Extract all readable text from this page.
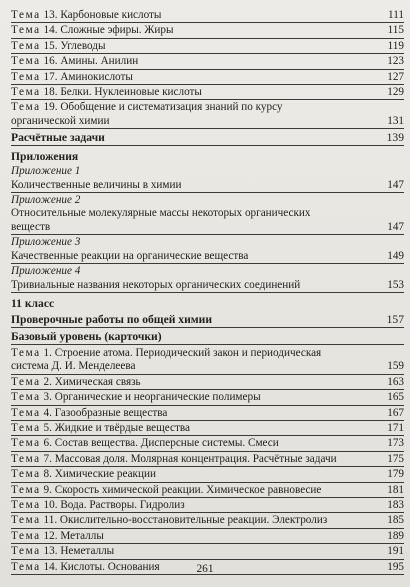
Тема 13. Карбоновые кислоты	111
Тема 14. Сложные эфиры. Жиры	115
Тема 15. Углеводы	119
Тема 16. Амины. Анилин	123
Тема 17. Аминокислоты	127
Тема 18. Белки. Нуклеиновые кислоты	129
Тема 19. Обобщение и систематизация знаний по курсу
органической химии	131
Расчётные задачи	139
Приложения
Приложение 1
Количественные величины в химии	147
Приложение 2
Относительные молекулярные массы некоторых органических
веществ	147
Приложение 3
Качественные реакции на органические вещества	149
Приложение 4
Тривиальные названия некоторых органических соединений	153
11 класс
Проверочные работы по общей химии	157
Базовый уровень (карточки)
Тема 1. Строение атома. Периодический закон и периодическая
система Д. И. Менделеева	159
Тема 2. Химическая связь	163
Тема 3. Органические и неорганические полимеры	165
Тема 4. Газообразные вещества	167
Тема 5. Жидкие и твёрдые вещества	171
Тема 6. Состав вещества. Дисперсные системы. Смеси	173
Тема 7. Массовая доля. Молярная концентрация. Расчётные задачи	175
Тема 8. Химические реакции	179
Тема 9. Скорость химической реакции. Химическое равновесие	181
Тема 10. Вода. Растворы. Гидролиз	183
Тема 11. Окислительно-восстановительные реакции. Электролиз	185
Тема 12. Металлы	189
Тема 13. Неметаллы	191
Тема 14. Кислоты. Основания	195
261
